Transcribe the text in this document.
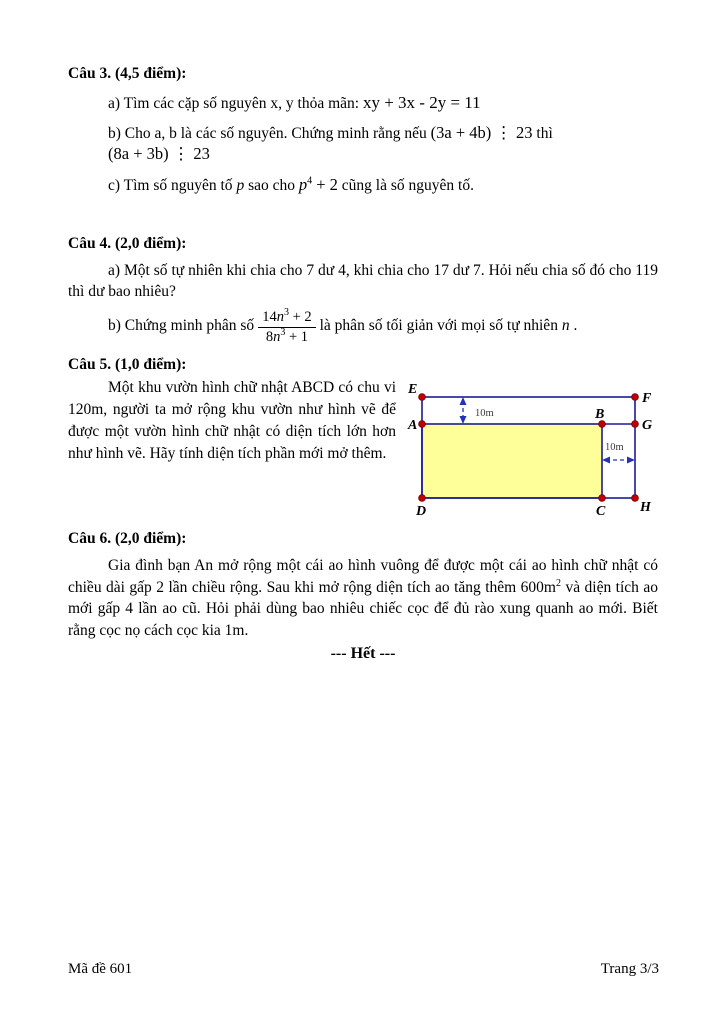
Câu 3. (4,5 điểm):
a) Tìm các cặp số nguyên x, y thỏa mãn: xy + 3x - 2y = 11
b) Cho a, b là các số nguyên. Chứng minh rằng nếu (3a + 4b) ⋮ 23 thì (8a + 3b) ⋮ 23
c) Tìm số nguyên tố p sao cho $p^4 + 2$ cũng là số nguyên tố.
Câu 4. (2,0 điểm):

a) Một số tự nhiên khi chia cho 7 dư 4, khi chia cho 17 dư 7. Hỏi nếu chia số đó cho 119 thì dư bao nhiêu?

b) Chứng minh phân số $\frac{14n^3 + 2}{8n^3 + 1}$ là phân số tối giản với mọi số tự nhiên n .
Câu 5. (1,0 điểm):
10m
10m
E
F
A
B
G
D	C H

Một khu vườn hình chữ nhật ABCD có chu vi 120m, người ta mở rộng khu vườn như hình vẽ để được một vườn hình chữ nhật có diện tích lớn hơn như hình vẽ. Hãy tính diện tích phần mới mở thêm.

Câu 6. (2,0 điểm):

Gia đình bạn An mở rộng một cái ao hình vuông để được một cái ao hình chữ nhật có chiều dài gấp 2 lần chiều rộng. Sau khi mở rộng diện tích ao tăng thêm $600m^2$ và diện tích ao mới gấp 4 lần ao cũ. Hỏi phải dùng bao nhiêu chiếc cọc để đủ rào xung quanh ao mới. Biết rằng cọc nọ cách cọc kia 1m.

--- Hết ---
Mã đề 601	Trang 3/3
